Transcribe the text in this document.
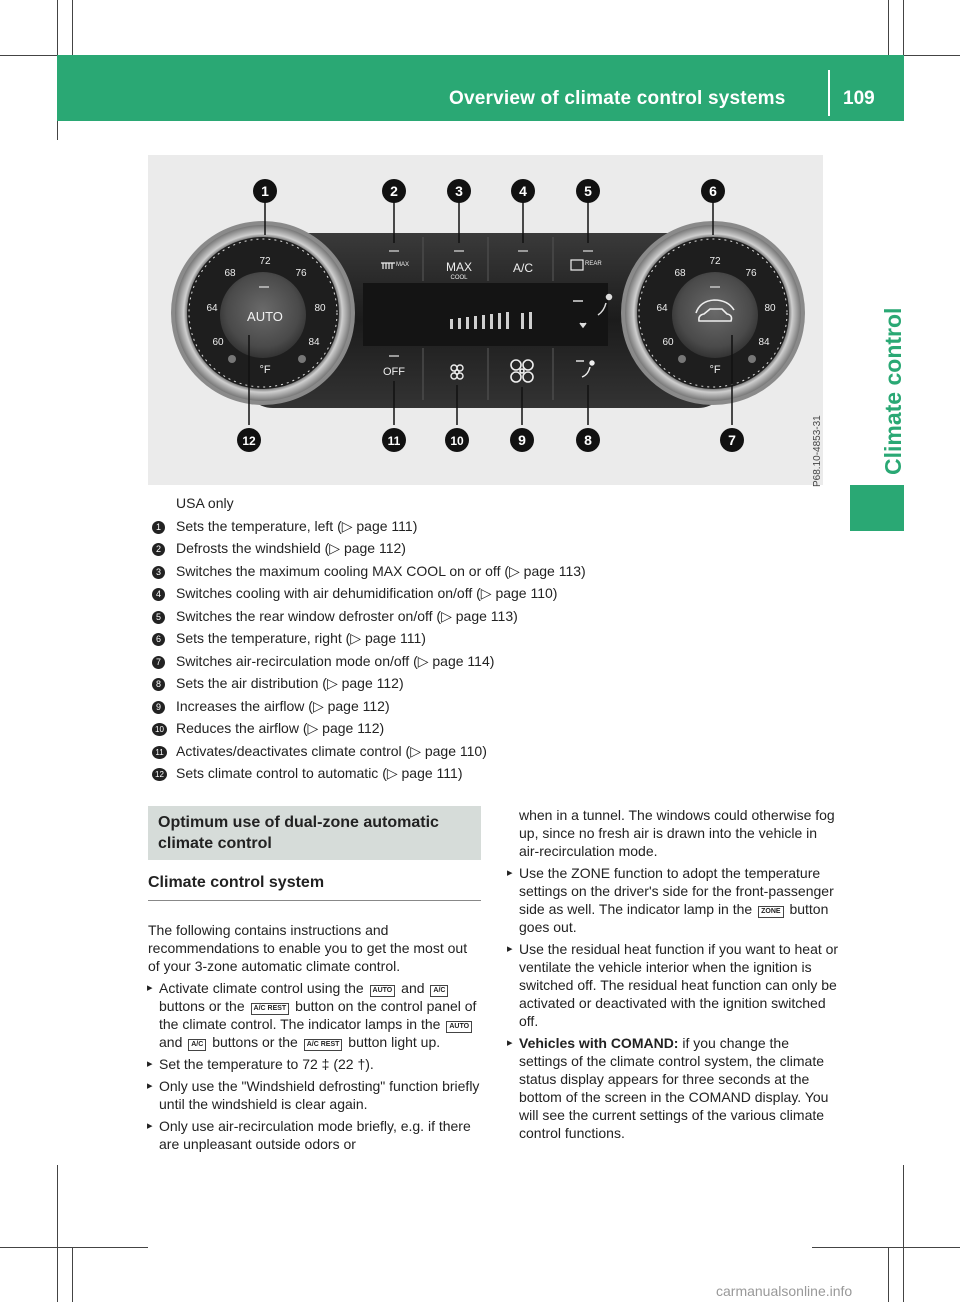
Overview of climate control systems	109
Climate control
MAX	MAX
COOL
A/C	REAR
OFF
72
68	76
64	80
60	84
AUTO
°F
72
68	76
64	80
60	84
°F
1	2	3	4	5	6
7
8
9
10
11
12	P68.10-4853-31
USA only
1	Sets the temperature, left (▷ page 111)
2	Defrosts the windshield (▷ page 112)
3	Switches the maximum cooling MAX COOL on or off (▷ page 113)
4	Switches cooling with air dehumidification on/off (▷ page 110)
5	Switches the rear window defroster on/off (▷ page 113)
6	Sets the temperature, right (▷ page 111)
7	Switches air-recirculation mode on/off (▷ page 114)
8	Sets the air distribution (▷ page 112)
9	Increases the airflow (▷ page 112)
10 Reduces the airflow (▷ page 112)
11 Activates/deactivates climate control (▷ page 110)
12 Sets climate control to automatic (▷ page 111)
Optimum use of dual-zone automatic climate control
Climate control system
The following contains instructions and recommendations to enable you to get the most out of your 3-zone automatic climate control.
▸ Activate climate control using the AUTO and A/C buttons or the A/C REST button on the control panel of the climate control. The indicator lamps in the AUTO and A/C buttons or the A/C REST button light up.
▸ Set the temperature to 72 ‡ (22 †).
▸ Only use the "Windshield defrosting" function briefly until the windshield is clear again.
▸ Only use air-recirculation mode briefly, e.g. if there are unpleasant outside odors or
when in a tunnel. The windows could otherwise fog up, since no fresh air is drawn into the vehicle in air-recirculation mode.
▸ Use the ZONE function to adopt the temperature settings on the driver's side for the front-passenger side as well. The indicator lamp in the ZONE button goes out.
▸ Use the residual heat function if you want to heat or ventilate the vehicle interior when the ignition is switched off. The residual heat function can only be activated or deactivated with the ignition switched off.
▸ Vehicles with COMAND: if you change the settings of the climate control system, the climate status display appears for three seconds at the bottom of the screen in the COMAND display. You will see the current settings of the various climate control functions.
carmanualsonline.info
